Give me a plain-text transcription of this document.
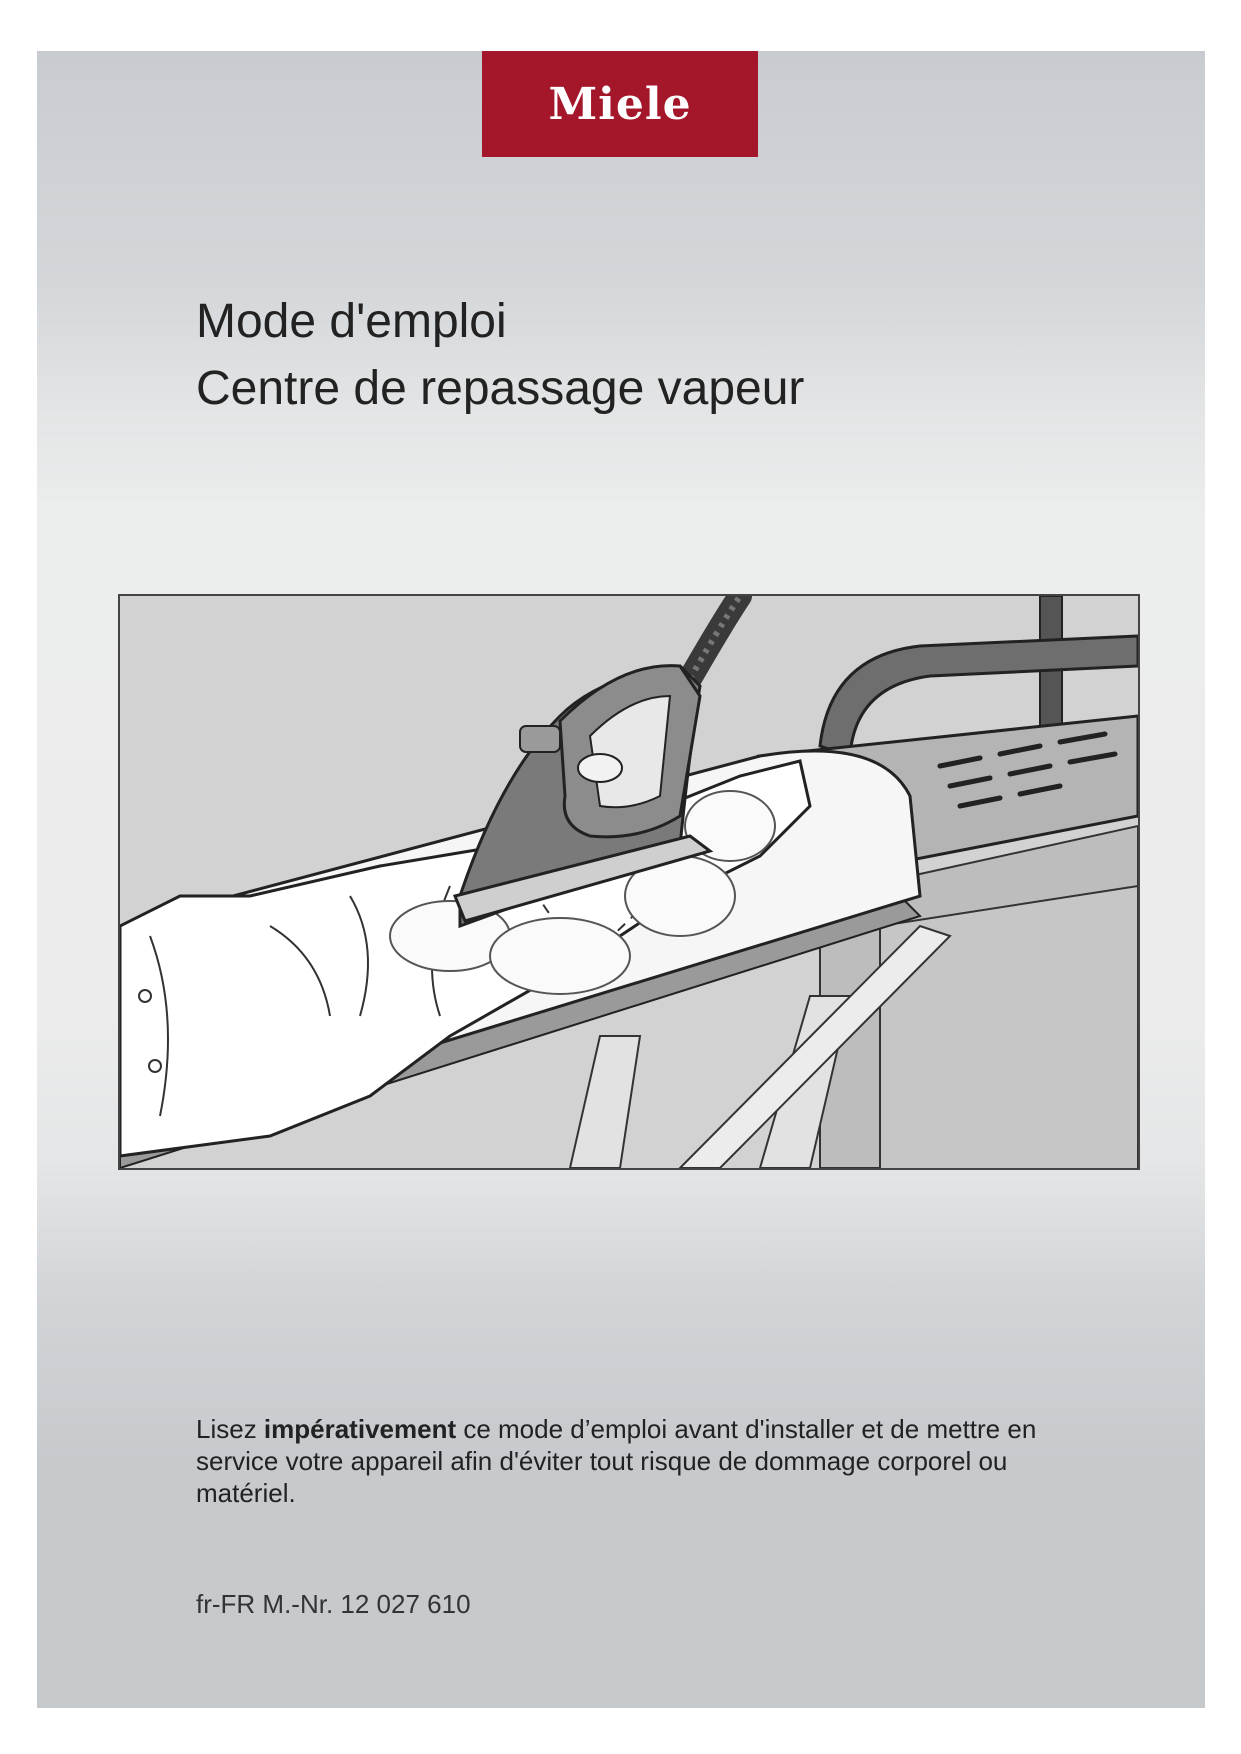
Miele
Mode d'emploi
Centre de repassage vapeur

Lisez impérativement ce mode d’emploi avant d'installer et de mettre en service votre appareil afin d'éviter tout risque de dommage corporel ou matériel.

fr-FR M.-Nr. 12 027 610
